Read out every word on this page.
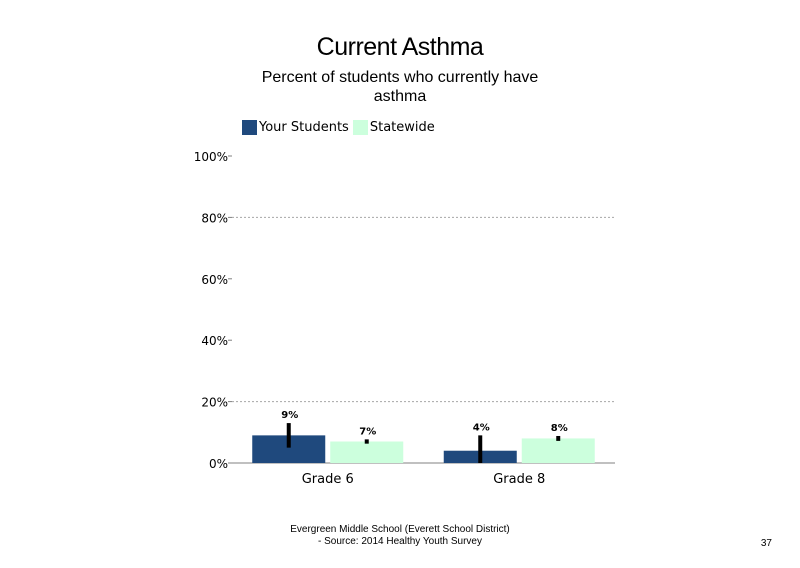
Current Asthma
Percent of students who currently have asthma
Your Students Statewide
0%
20%
40%
60%
80%
100%
9%
7%
Grade 6
4%	8%
Grade 8
Evergreen Middle School (Everett School District)
- Source: 2014 Healthy Youth Survey	37
